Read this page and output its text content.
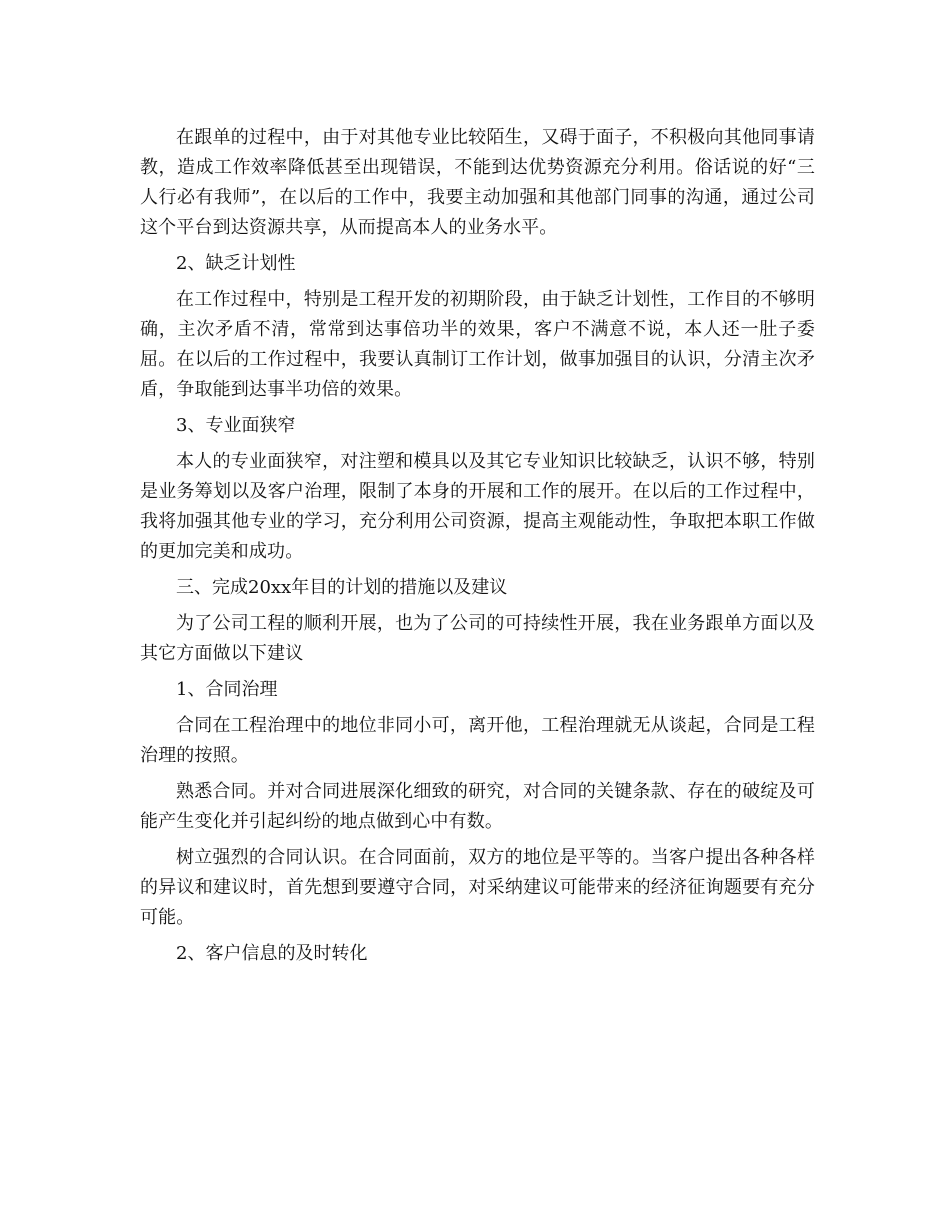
在跟单的过程中，由于对其他专业比较陌生，又碍于面子，不积极向其他同事请教，造成工作效率降低甚至出现错误，不能到达优势资源充分利用。俗话说的好“三人行必有我师”，在以后的工作中，我要主动加强和其他部门同事的沟通，通过公司这个平台到达资源共享，从而提高本人的业务水平。

2、缺乏计划性

在工作过程中，特别是工程开发的初期阶段，由于缺乏计划性，工作目的不够明确，主次矛盾不清，常常到达事倍功半的效果，客户不满意不说，本人还一肚子委屈。在以后的工作过程中，我要认真制订工作计划，做事加强目的认识，分清主次矛盾，争取能到达事半功倍的效果。

3、专业面狭窄

本人的专业面狭窄，对注塑和模具以及其它专业知识比较缺乏，认识不够，特别是业务筹划以及客户治理，限制了本身的开展和工作的展开。在以后的工作过程中，我将加强其他专业的学习，充分利用公司资源，提高主观能动性，争取把本职工作做的更加完美和成功。

三、完成20xx年目的计划的措施以及建议

为了公司工程的顺利开展，也为了公司的可持续性开展，我在业务跟单方面以及其它方面做以下建议

1、合同治理

合同在工程治理中的地位非同小可，离开他，工程治理就无从谈起，合同是工程治理的按照。

熟悉合同。并对合同进展深化细致的研究，对合同的关键条款、存在的破绽及可能产生变化并引起纠纷的地点做到心中有数。

树立强烈的合同认识。在合同面前，双方的地位是平等的。当客户提出各种各样的异议和建议时，首先想到要遵守合同，对采纳建议可能带来的经济征询题要有充分可能。

2、客户信息的及时转化
